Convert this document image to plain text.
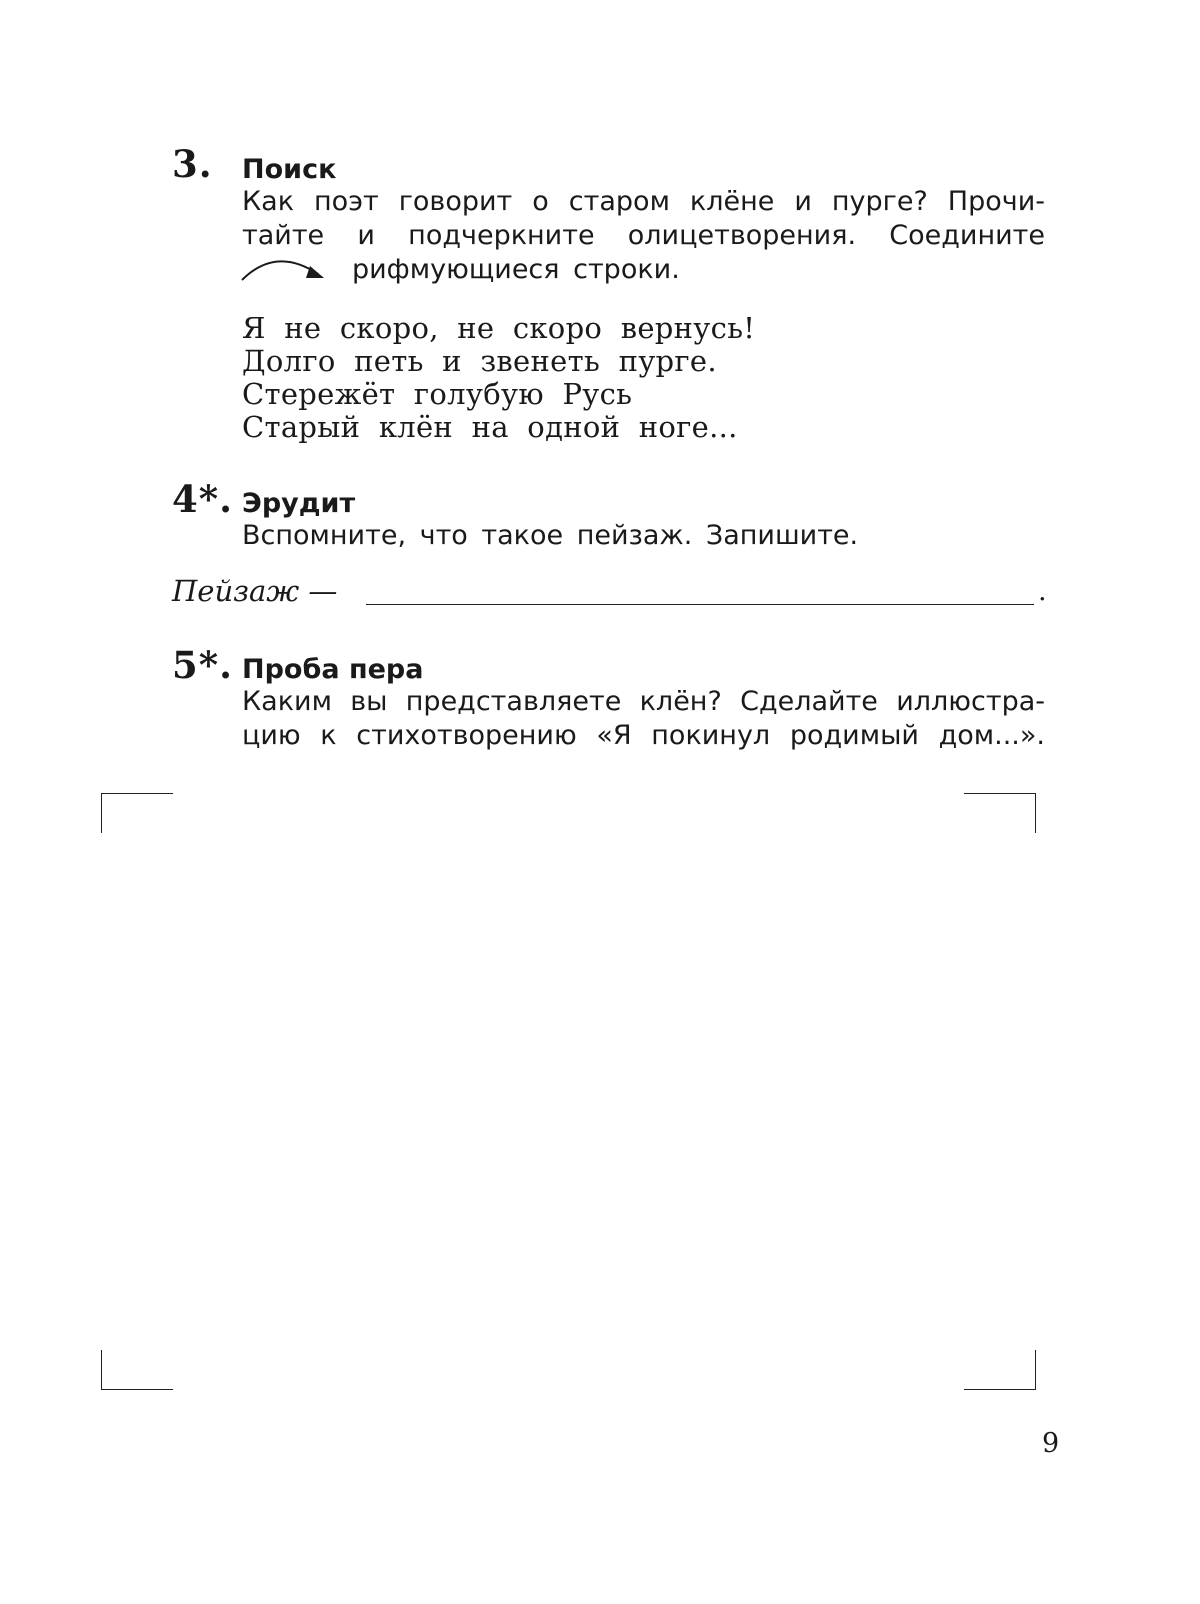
3. Поиск
Как поэт говорит о старом клёне и пурге? Прочи-
тайте и подчеркните олицетворения. Соедините
рифмующиеся строки.
Я не скоро, не скоро вернусь!
Долго петь и звенеть пурге.
Стережёт голубую Русь
Старый клён на одной ноге...
4*. Эрудит
Вспомните, что такое пейзаж. Запишите.
Пейзаж —	.
5*. Проба пера
Каким вы представляете клён? Сделайте иллюстра-
цию к стихотворению «Я покинул родимый дом...».
9
